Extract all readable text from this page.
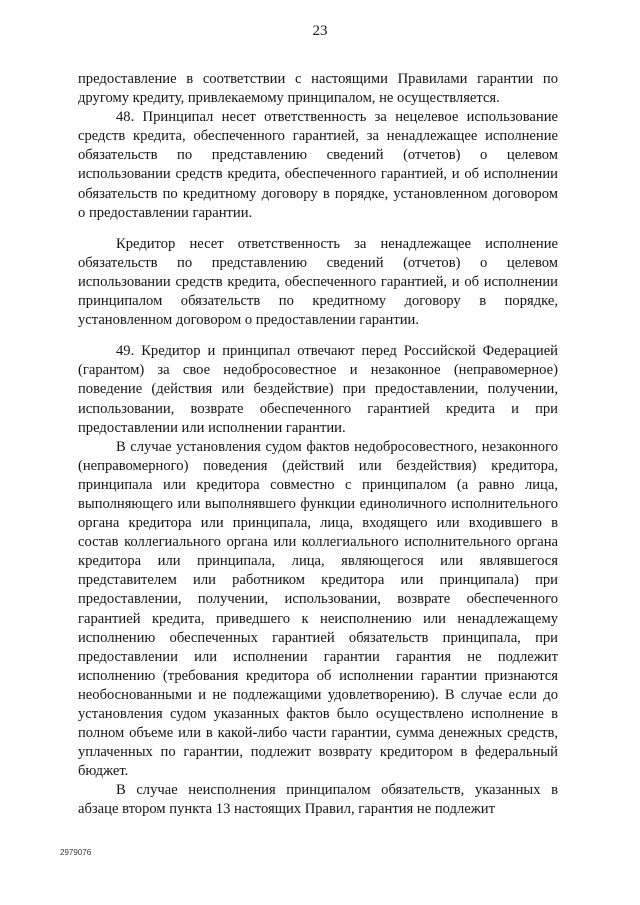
23

предоставление в соответствии с настоящими Правилами гарантии по другому кредиту, привлекаемому принципалом, не осуществляется.

48. Принципал несет ответственность за нецелевое использование средств кредита, обеспеченного гарантией, за ненадлежащее исполнение обязательств по представлению сведений (отчетов) о целевом использовании средств кредита, обеспеченного гарантией, и об исполнении обязательств по кредитному договору в порядке, установленном договором о предоставлении гарантии.

Кредитор несет ответственность за ненадлежащее исполнение обязательств по представлению сведений (отчетов) о целевом использовании средств кредита, обеспеченного гарантией, и об исполнении принципалом обязательств по кредитному договору в порядке, установленном договором о предоставлении гарантии.

49. Кредитор и принципал отвечают перед Российской Федерацией (гарантом) за свое недобросовестное и незаконное (неправомерное) поведение (действия или бездействие) при предоставлении, получении, использовании, возврате обеспеченного гарантией кредита и при предоставлении или исполнении гарантии.

В случае установления судом фактов недобросовестного, незаконного (неправомерного) поведения (действий или бездействия) кредитора, принципала или кредитора совместно с принципалом (а равно лица, выполняющего или выполнявшего функции единоличного исполнительного органа кредитора или принципала, лица, входящего или входившего в состав коллегиального органа или коллегиального исполнительного органа кредитора или принципала, лица, являющегося или являвшегося представителем или работником кредитора или принципала) при предоставлении, получении, использовании, возврате обеспеченного гарантией кредита, приведшего к неисполнению или ненадлежащему исполнению обеспеченных гарантией обязательств принципала, при предоставлении или исполнении гарантии гарантия не подлежит исполнению (требования кредитора об исполнении гарантии признаются необоснованными и не подлежащими удовлетворению). В случае если до установления судом указанных фактов было осуществлено исполнение в полном объеме или в какой-либо части гарантии, сумма денежных средств, уплаченных по гарантии, подлежит возврату кредитором в федеральный бюджет.

В случае неисполнения принципалом обязательств, указанных в абзаце втором пункта 13 настоящих Правил, гарантия не подлежит

2979076
